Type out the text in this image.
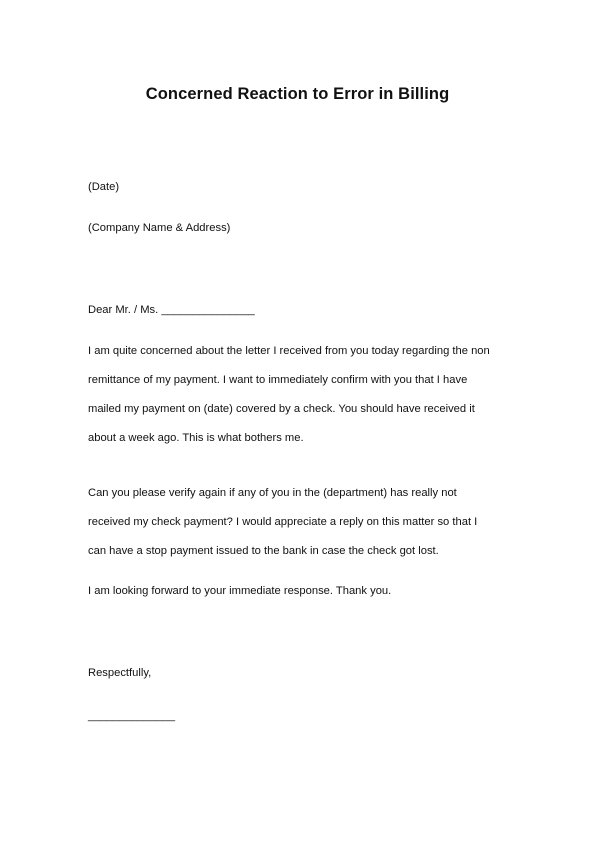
Concerned Reaction to Error in Billing
(Date)
(Company Name & Address)
Dear Mr. / Ms. _______________
I am quite concerned about the letter I received from you today regarding the non
remittance of my payment. I want to immediately confirm with you that I have
mailed my payment on (date) covered by a check. You should have received it
about a week ago. This is what bothers me.
Can you please verify again if any of you in the (department) has really not
received my check payment? I would appreciate a reply on this matter so that I
can have a stop payment issued to the bank in case the check got lost.
I am looking forward to your immediate response. Thank you.
Respectfully,
______________
